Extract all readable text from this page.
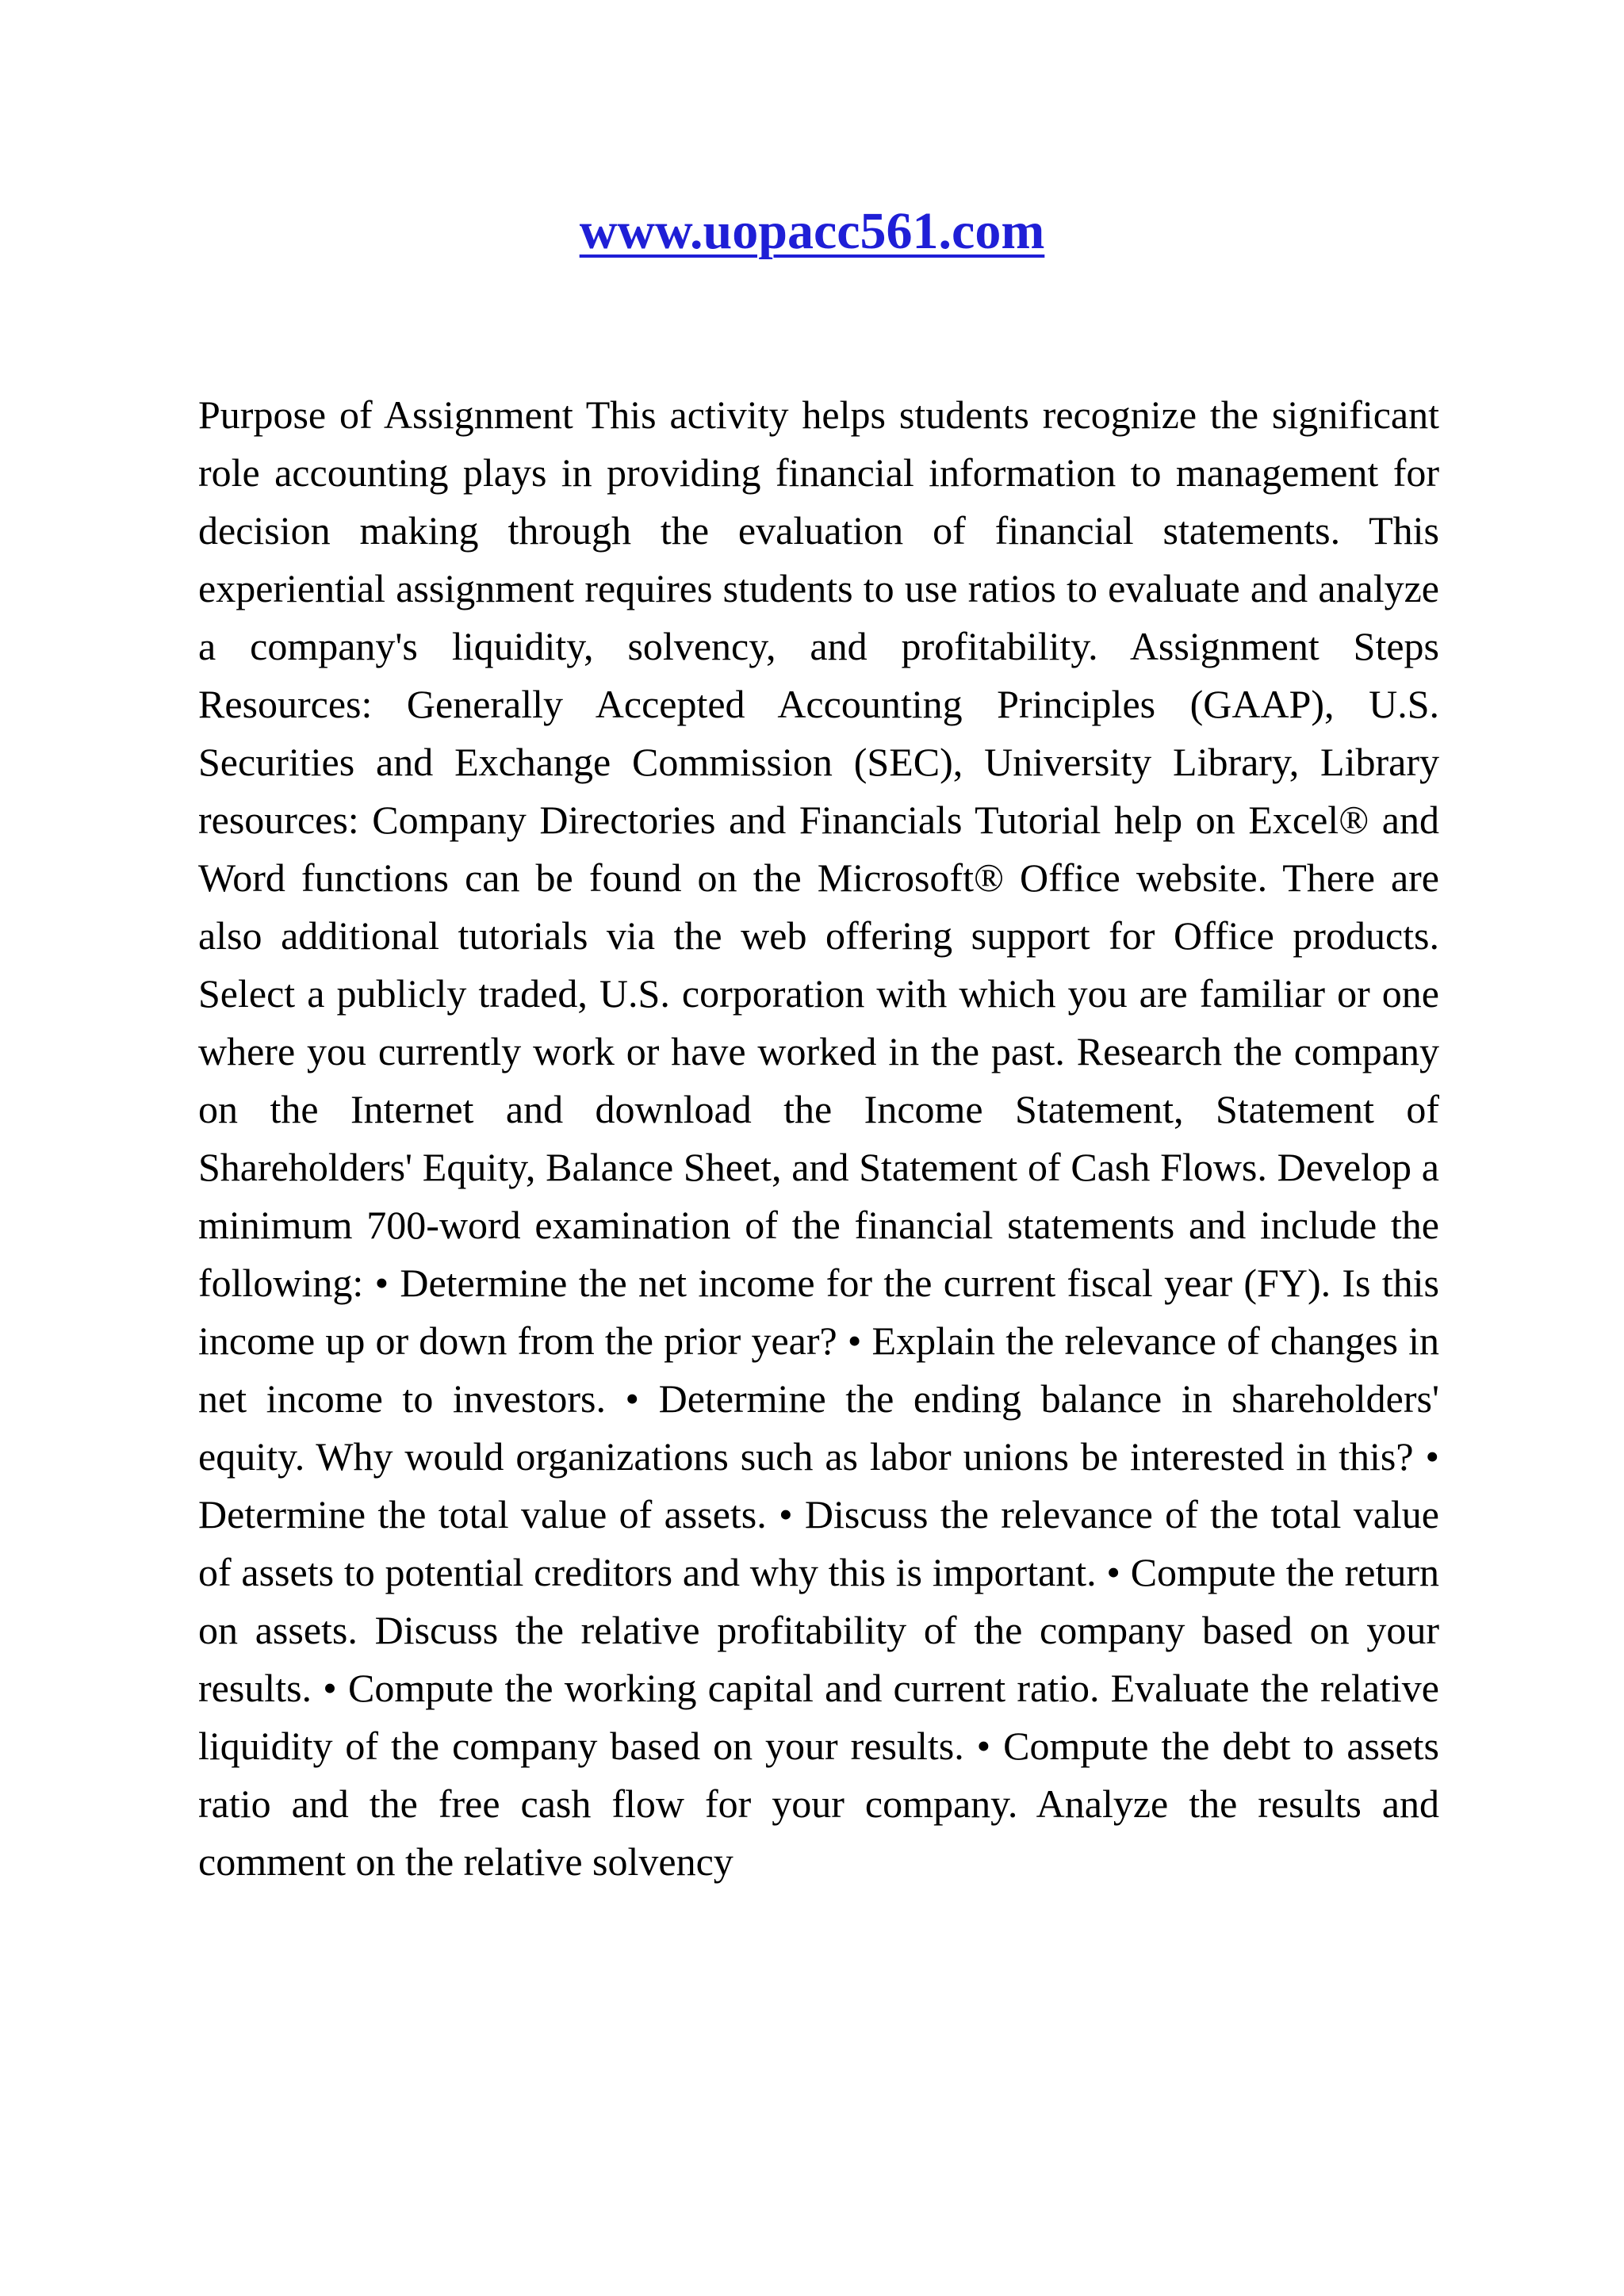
www.uopacc561.com

Purpose of Assignment This activity helps students recognize the significant role accounting plays in providing financial information to management for decision making through the evaluation of financial statements. This experiential assignment requires students to use ratios to evaluate and analyze a company's liquidity, solvency, and profitability. Assignment Steps Resources: Generally Accepted Accounting Principles (GAAP), U.S. Securities and Exchange Commission (SEC), University Library, Library resources: Company Directories and Financials Tutorial help on Excel® and Word functions can be found on the Microsoft® Office website. There are also additional tutorials via the web offering support for Office products. Select a publicly traded, U.S. corporation with which you are familiar or one where you currently work or have worked in the past. Research the company on the Internet and download the Income Statement, Statement of Shareholders' Equity, Balance Sheet, and Statement of Cash Flows. Develop a minimum 700-word examination of the financial statements and include the following: • Determine the net income for the current fiscal year (FY). Is this income up or down from the prior year? • Explain the relevance of changes in net income to investors. • Determine the ending balance in shareholders' equity. Why would organizations such as labor unions be interested in this? • Determine the total value of assets. • Discuss the relevance of the total value of assets to potential creditors and why this is important. • Compute the return on assets. Discuss the relative profitability of the company based on your results. • Compute the working capital and current ratio. Evaluate the relative liquidity of the company based on your results. • Compute the debt to assets ratio and the free cash flow for your company. Analyze the results and comment on the relative solvency
